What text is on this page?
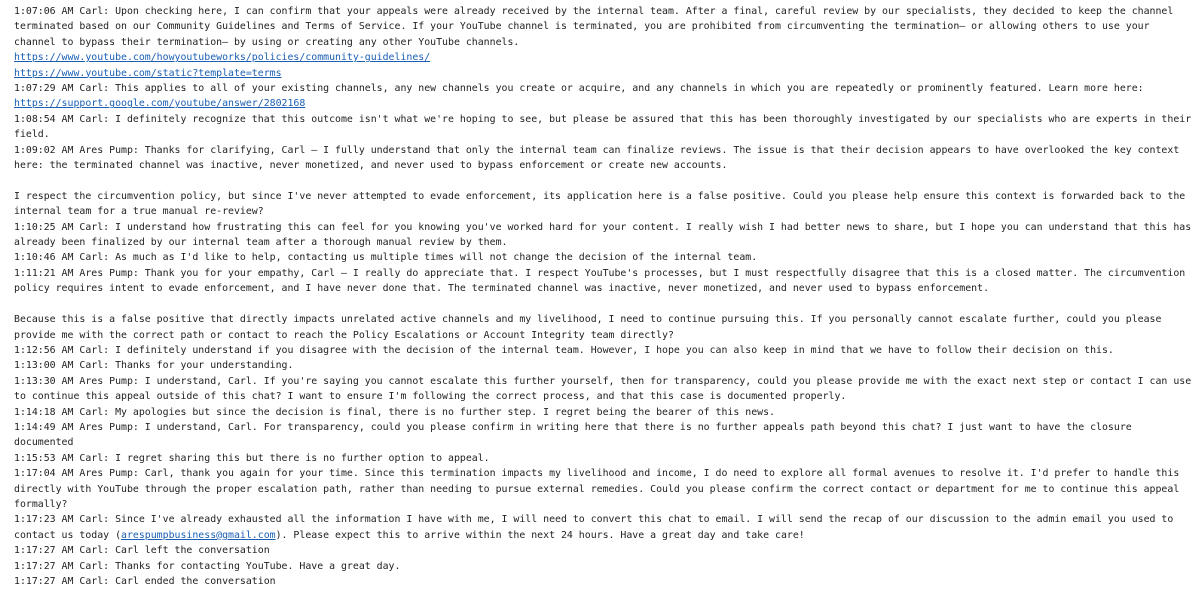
1:07:06 AM Carl: Upon checking here, I can confirm that your appeals were already received by the internal team. After a final, careful review by our specialists, they decided to keep the channel terminated based on our Community Guidelines and Terms of Service. If your YouTube channel is terminated, you are prohibited from circumventing the termination— or allowing others to use your channel to bypass their termination— by using or creating any other YouTube channels.
https://www.youtube.com/howyoutubeworks/policies/community-guidelines/
https://www.youtube.com/static?template=terms
1:07:29 AM Carl: This applies to all of your existing channels, any new channels you create or acquire, and any channels in which you are repeatedly or prominently featured. Learn more here:
https://support.google.com/youtube/answer/2802168
1:08:54 AM Carl: I definitely recognize that this outcome isn't what we're hoping to see, but please be assured that this has been thoroughly investigated by our specialists who are experts in their field.
1:09:02 AM Ares Pump: Thanks for clarifying, Carl — I fully understand that only the internal team can finalize reviews. The issue is that their decision appears to have overlooked the key context here: the terminated channel was inactive, never monetized, and never used to bypass enforcement or create new accounts.
I respect the circumvention policy, but since I've never attempted to evade enforcement, its application here is a false positive. Could you please help ensure this context is forwarded back to the internal team for a true manual re-review?
1:10:25 AM Carl: I understand how frustrating this can feel for you knowing you've worked hard for your content. I really wish I had better news to share, but I hope you can understand that this has already been finalized by our internal team after a thorough manual review by them.
1:10:46 AM Carl: As much as I'd like to help, contacting us multiple times will not change the decision of the internal team.
1:11:21 AM Ares Pump: Thank you for your empathy, Carl — I really do appreciate that. I respect YouTube's processes, but I must respectfully disagree that this is a closed matter. The circumvention policy requires intent to evade enforcement, and I have never done that. The terminated channel was inactive, never monetized, and never used to bypass enforcement.
Because this is a false positive that directly impacts unrelated active channels and my livelihood, I need to continue pursuing this. If you personally cannot escalate further, could you please provide me with the correct path or contact to reach the Policy Escalations or Account Integrity team directly?
1:12:56 AM Carl: I definitely understand if you disagree with the decision of the internal team. However, I hope you can also keep in mind that we have to follow their decision on this.
1:13:00 AM Carl: Thanks for your understanding.
1:13:30 AM Ares Pump: I understand, Carl. If you're saying you cannot escalate this further yourself, then for transparency, could you please provide me with the exact next step or contact I can use to continue this appeal outside of this chat? I want to ensure I'm following the correct process, and that this case is documented properly.
1:14:18 AM Carl: My apologies but since the decision is final, there is no further step. I regret being the bearer of this news.
1:14:49 AM Ares Pump: I understand, Carl. For transparency, could you please confirm in writing here that there is no further appeals path beyond this chat? I just want to have the closure documented
1:15:53 AM Carl: I regret sharing this but there is no further option to appeal.
1:17:04 AM Ares Pump: Carl, thank you again for your time. Since this termination impacts my livelihood and income, I do need to explore all formal avenues to resolve it. I'd prefer to handle this directly with YouTube through the proper escalation path, rather than needing to pursue external remedies. Could you please confirm the correct contact or department for me to continue this appeal formally?
1:17:23 AM Carl: Since I've already exhausted all the information I have with me, I will need to convert this chat to email. I will send the recap of our discussion to the admin email you used to contact us today (arespumpbusiness@gmail.com). Please expect this to arrive within the next 24 hours. Have a great day and take care!
1:17:27 AM Carl: Carl left the conversation
1:17:27 AM Carl: Thanks for contacting YouTube. Have a great day.
1:17:27 AM Carl: Carl ended the conversation
